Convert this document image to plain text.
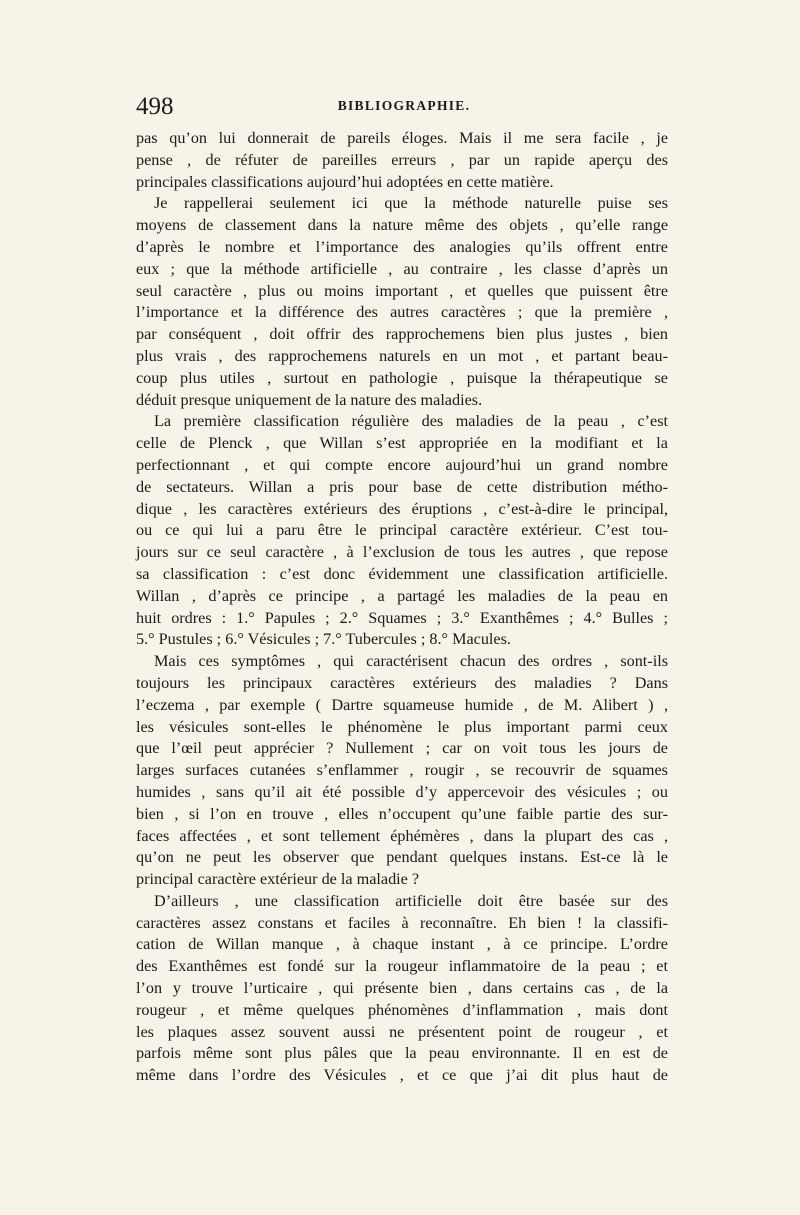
498	BIBLIOGRAPHIE.
pas qu’on lui donnerait de pareils éloges. Mais il me sera facile , je
pense , de réfuter de pareilles erreurs , par un rapide aperçu des
principales classifications aujourd’hui adoptées en cette matière.
Je rappellerai seulement ici que la méthode naturelle puise ses
moyens de classement dans la nature même des objets , qu’elle range
d’après le nombre et l’importance des analogies qu’ils offrent entre
eux ; que la méthode artificielle , au contraire , les classe d’après un
seul caractère , plus ou moins important , et quelles que puissent être
l’importance et la différence des autres caractères ; que la première ,
par conséquent , doit offrir des rapprochemens bien plus justes , bien
plus vrais , des rapprochemens naturels en un mot , et partant beau-
coup plus utiles , surtout en pathologie , puisque la thérapeutique se
déduit presque uniquement de la nature des maladies.
La première classification régulière des maladies de la peau , c’est
celle de Plenck , que Willan s’est appropriée en la modifiant et la
perfectionnant , et qui compte encore aujourd’hui un grand nombre
de sectateurs. Willan a pris pour base de cette distribution métho-
dique , les caractères extérieurs des éruptions , c’est-à-dire le principal,
ou ce qui lui a paru être le principal caractère extérieur. C’est tou-
jours sur ce seul caractère , à l’exclusion de tous les autres , que repose
sa classification : c’est donc évidemment une classification artificielle.
Willan , d’après ce principe , a partagé les maladies de la peau en
huit ordres : 1.° Papules ; 2.° Squames ; 3.° Exanthêmes ; 4.° Bulles ;
5.° Pustules ; 6.° Vésicules ; 7.° Tubercules ; 8.° Macules.
Mais ces symptômes , qui caractérisent chacun des ordres , sont-ils
toujours les principaux caractères extérieurs des maladies ? Dans
l’eczema , par exemple ( Dartre squameuse humide , de M. Alibert ) ,
les vésicules sont-elles le phénomène le plus important parmi ceux
que l’œil peut apprécier ? Nullement ; car on voit tous les jours de
larges surfaces cutanées s’enflammer , rougir , se recouvrir de squames
humides , sans qu’il ait été possible d’y appercevoir des vésicules ; ou
bien , si l’on en trouve , elles n’occupent qu’une faible partie des sur-
faces affectées , et sont tellement éphémères , dans la plupart des cas ,
qu’on ne peut les observer que pendant quelques instans. Est-ce là le
principal caractère extérieur de la maladie ?
D’ailleurs , une classification artificielle doit être basée sur des
caractères assez constans et faciles à reconnaître. Eh bien ! la classifi-
cation de Willan manque , à chaque instant , à ce principe. L’ordre
des Exanthêmes est fondé sur la rougeur inflammatoire de la peau ; et
l’on y trouve l’urticaire , qui présente bien , dans certains cas , de la
rougeur , et même quelques phénomènes d’inflammation , mais dont
les plaques assez souvent aussi ne présentent point de rougeur , et
parfois même sont plus pâles que la peau environnante. Il en est de
même dans l’ordre des Vésicules , et ce que j’ai dit plus haut de
